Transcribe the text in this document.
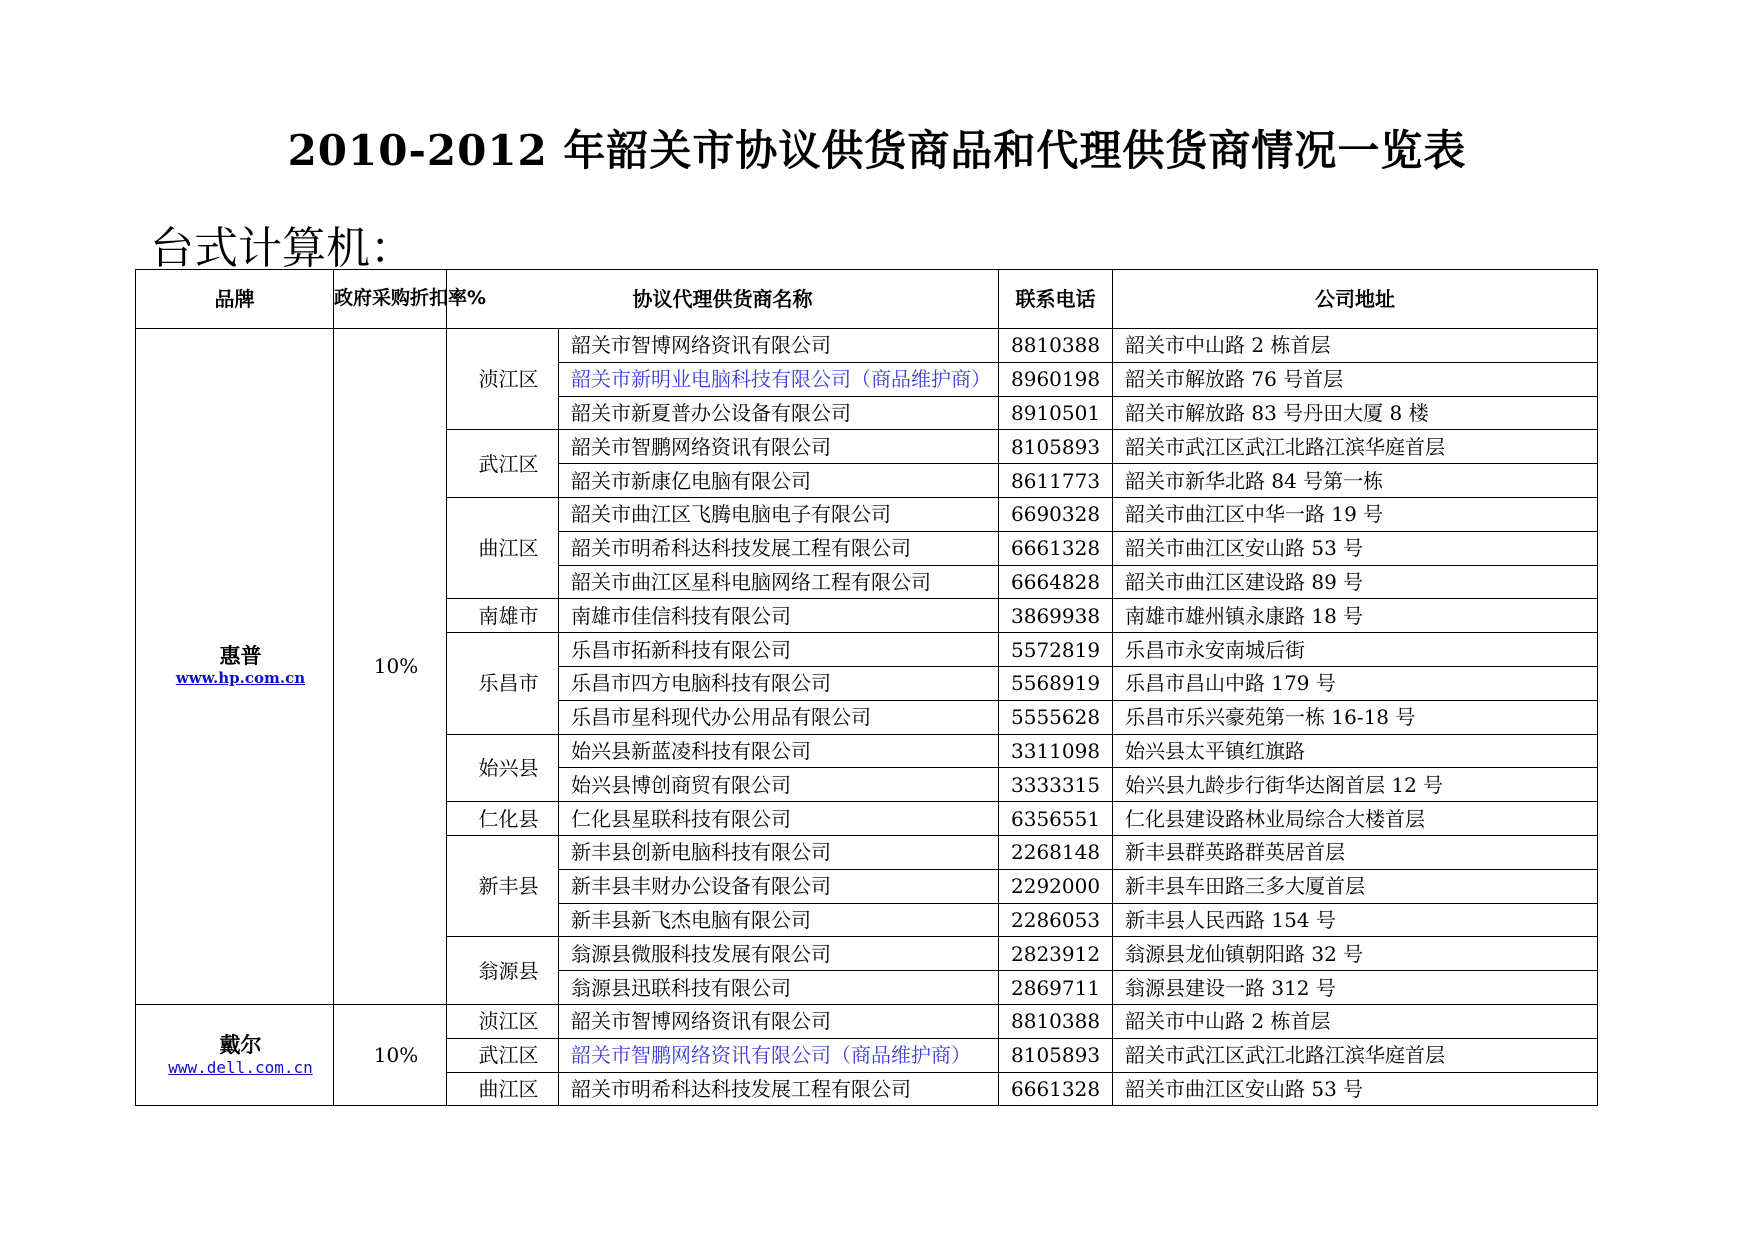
2010-2012 年韶关市协议供货商品和代理供货商情况一览表
台式计算机：
品牌	政府采购折扣率%	协议代理供货商名称		联系电话	公司地址

惠普
www.hp.com.cn	10%	浈江区	韶关市智博网络资讯有限公司	8810388	韶关市中山路 2 栋首层
			韶关市新明业电脑科技有限公司（商品维护商）	8960198	韶关市解放路 76 号首层
			韶关市新夏普办公设备有限公司	8910501	韶关市解放路 83 号丹田大厦 8 楼
		武江区	韶关市智鹏网络资讯有限公司	8105893	韶关市武江区武江北路江滨华庭首层
			韶关市新康亿电脑有限公司	8611773	韶关市新华北路 84 号第一栋
		曲江区	韶关市曲江区飞腾电脑电子有限公司	6690328	韶关市曲江区中华一路 19 号
			韶关市明希科达科技发展工程有限公司	6661328	韶关市曲江区安山路 53 号
			韶关市曲江区星科电脑网络工程有限公司	6664828	韶关市曲江区建设路 89 号
		南雄市	南雄市佳信科技有限公司	3869938	南雄市雄州镇永康路 18 号
		乐昌市	乐昌市拓新科技有限公司	5572819	乐昌市永安南城后街
			乐昌市四方电脑科技有限公司	5568919	乐昌市昌山中路 179 号
			乐昌市星科现代办公用品有限公司	5555628	乐昌市乐兴豪苑第一栋 16-18 号
		始兴县	始兴县新蓝凌科技有限公司	3311098	始兴县太平镇红旗路
			始兴县博创商贸有限公司	3333315	始兴县九龄步行街华达阁首层 12 号
		仁化县	仁化县星联科技有限公司	6356551	仁化县建设路林业局综合大楼首层
		新丰县	新丰县创新电脑科技有限公司	2268148	新丰县群英路群英居首层
			新丰县丰财办公设备有限公司	2292000	新丰县车田路三多大厦首层
			新丰县新飞杰电脑有限公司	2286053	新丰县人民西路 154 号
		翁源县	翁源县微服科技发展有限公司	2823912	翁源县龙仙镇朝阳路 32 号
			翁源县迅联科技有限公司	2869711	翁源县建设一路 312 号

戴尔
www.dell.com.cn	10%	浈江区	韶关市智博网络资讯有限公司	8810388	韶关市中山路 2 栋首层
		武江区	韶关市智鹏网络资讯有限公司（商品维护商）	8105893	韶关市武江区武江北路江滨华庭首层
		曲江区	韶关市明希科达科技发展工程有限公司	6661328	韶关市曲江区安山路 53 号
